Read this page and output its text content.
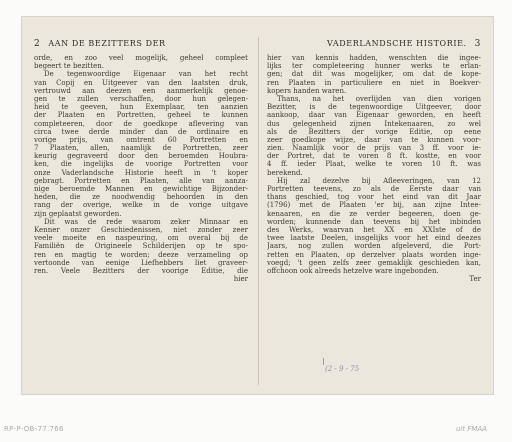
2	AAN DE BEZITTERS DER
orde, en zoo veel mogelijk, geheel compleet
begeert te bezitten.
De tegenwoordige Eigenaar van het recht
van Copij en Uitgeever van den laatsten druk,
vertrouwd aan deezen een aanmerkelijk genoe-
gen te zullen verschaffen, door hun gelegen-
heid te geeven, hun Exemplaar, ten aanzien
der Plaaten en Portretten, geheel te kunnen
completeeren, door de goedkope aflevering van
circa twee derde minder dan de ordinaire en
vorige prijs, van omtrent 60 Portretten en
7 Plaaten, allen, naamlijk de Portretten, zeer
keurig gegraveerd door den beroemden Houbra-
ken, die ingelijks de voorige Portretten voor
onze Vaderlandsche Historie heeft in 't koper
gebragt. Portretten en Plaaten, alle van aanza-
nige beroemde Mannen en gewichtige Bijzonder-
heden, die ze noodwendig behoorden in den
rang der overige, welke in de vorige uitgave
zijn geplaatst geworden.
Dit was de rede waarom zeker Minnaar en
Kenner onzer Geschiedenissen, niet zonder zeer
veele moeite en naspeuring, om overal bij de
Familiën de Origineele Schilderijen op te spo-
ren en magtig te worden; deeze verzameling op
vertoonde van eenige Liefhebbers liet graveer-
ren. Veele Bezitters der voorige Editie, die
hier
VADERLANDSCHE HISTORIE. 3
hier van kennis hadden, wenschten die ingee-
lijks ter completeering hunner werks te erlan-
gen; dat dit was mogelijker, om dat de kope-
ren Plaaten in particuliere en niet in Boekver-
kopers handen waren.
Thans, na het overlijden van dien vorigen
Bezitter, is de tegenwoordige Uitgeever, door
aankoop, daar van Eigenaar geworden, en heeft
dus gelegenheid zijnen Intekenaaren, zo wel
als de Bezitters der vorige Editie, op eene
zeer goedkope wijze, daar van te kunnen voor-
zien. Naamlijk voor de prijs van 3 ff. voor ie-
der Portret, dat te voren 8 ft. kostte, en voor
4 ff. ieder Plaat, welke te voren 10 ft. was
berekend.
Hij zal dezelve bij Afleeveringen, van 12
Portretten teevens, zo als de Eerste daar van
thans geschied, tog voor het eind van dit Jaar
(1796) met de Plaaten 'er bij, aan zijne Intee-
kenaaren, en die ze verder begeeren, doen ge-
worden; kunnende dan teevens bij het inbinden
des Werks, waarvan het XX en XXIste of de
twee laatste Deelen, insgelijks voor het eind deezes
Jaars, nog zullen worden afgeleverd, die Port-
retten en Plaaten, op derzelver plaats worden inge-
voegd; 't geen zelfs zeer gemaklijk geschieden kan,
offchoon ook alreeds hetzelve ware ingebonden.
Ter
(2 - 9 - 75
RP-P-OB-77.766	uit FMAA
